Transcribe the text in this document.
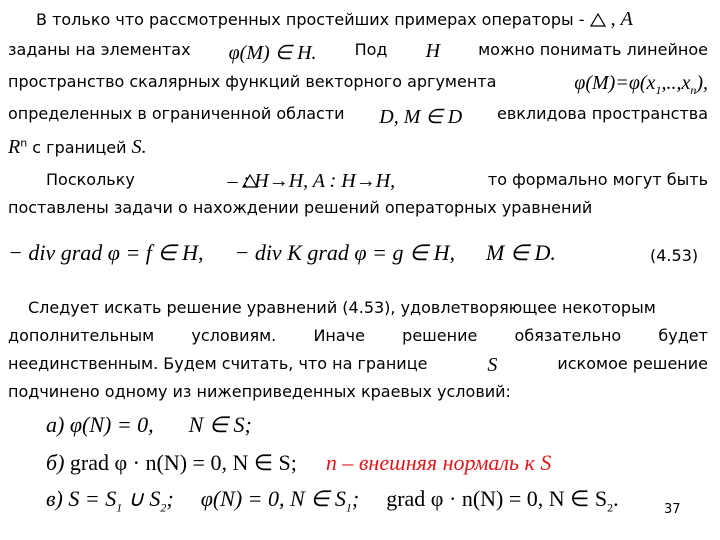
В только что рассмотренных простейших примерах операторы - , A
заданы на элементах φ(M) ∈ H. Под H можно понимать линейное
пространство скалярных функций векторного аргумента	$\varphi(M)=\varphi(x_1,..,x_n)$,
определенных в ограниченной области D, M ∈ D евклидова пространства
$R^n$ с границей S.
Поскольку	– : H→H, A : H→H,	то формально могут быть
поставлены задачи о нахождении решений операторных уравнений
− div grad φ = f ∈ H, − div K grad φ = g ∈ H, M ∈ D.	(4.53)
Следует искать решение уравнений (4.53), удовлетворяющее некоторым
дополнительным условиям. Иначе решение обязательно будет
неединственным. Будем считать, что на границе	S	искомое решение
подчинено одному из нижеприведенных краевых условий:
а) φ(N) = 0, N ∈ S;
б) grad φ · n(N) = 0, N ∈ S; n – внешняя нормаль к S
в) $S = S_1$ ∪ $S_2$; φ(N) = 0, N ∈ $S_1$; grad φ · n(N) = 0, N ∈ $S_2$.	37
